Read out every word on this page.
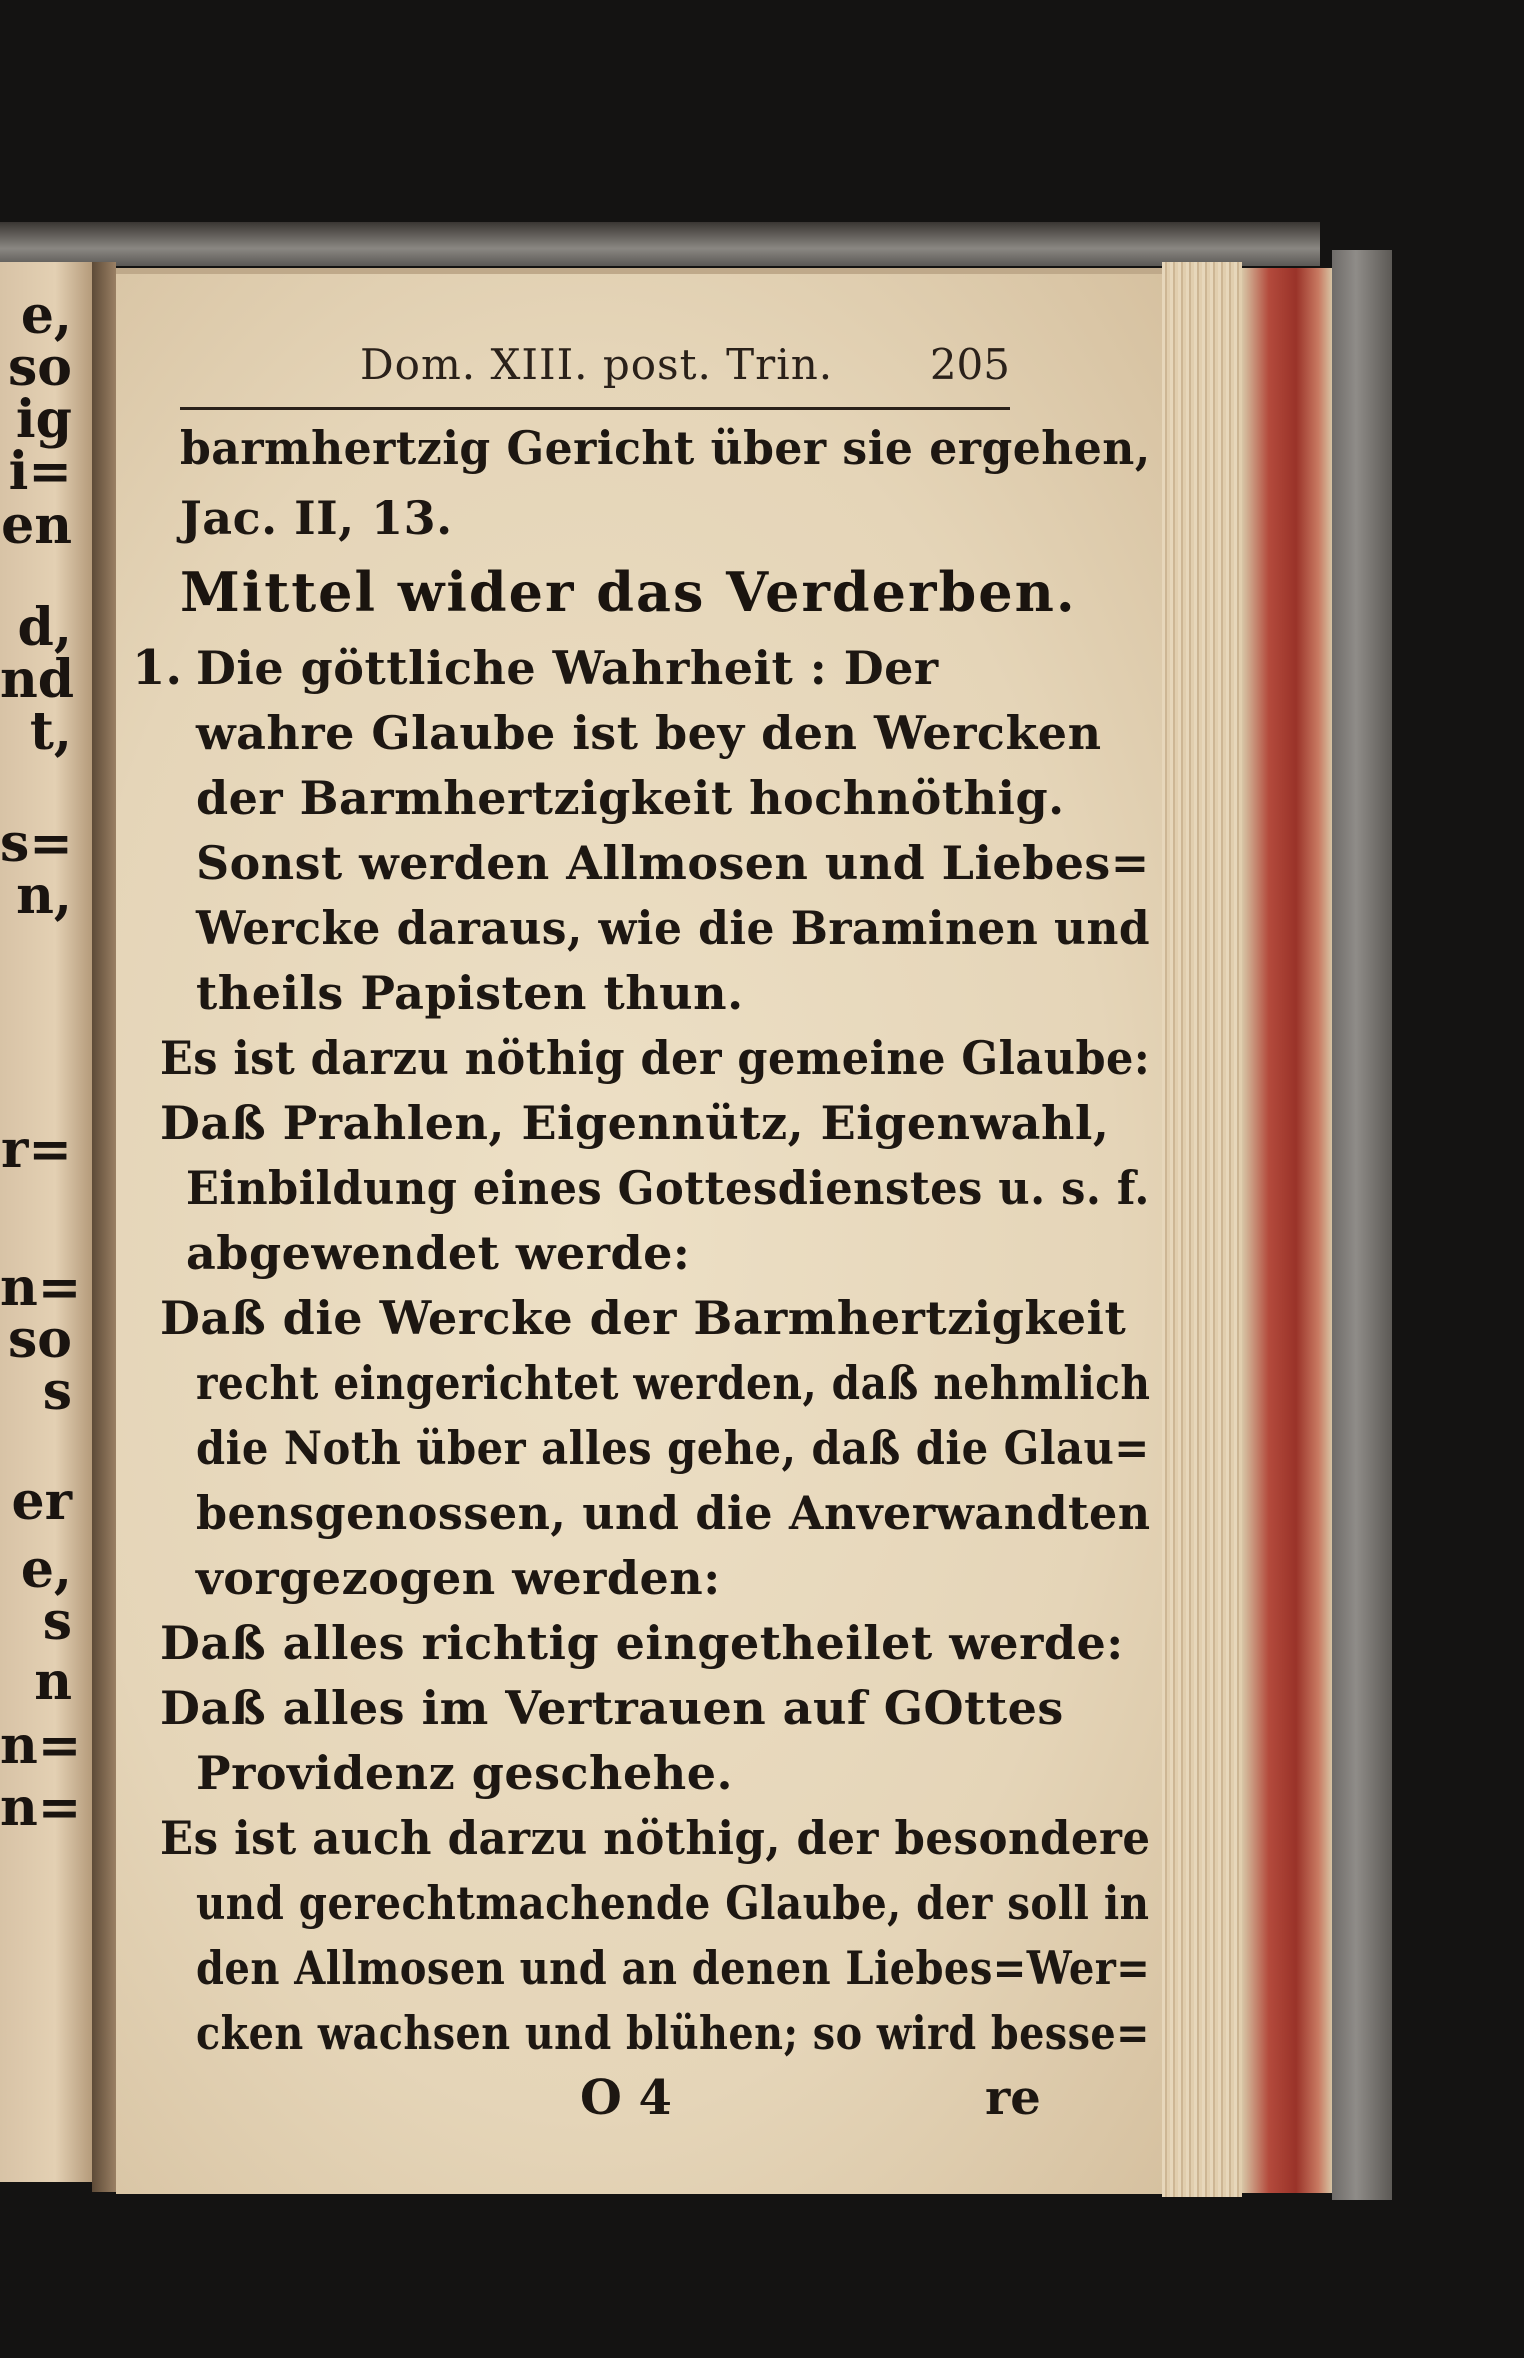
e,

so

ig

i=

en

d,

nd

t,

s=

n,

r=

n=

so

s

er

e,

s

n

n=

n=

Dom. XIII. post. Trin. 205

barmhertzig Gericht über sie ergehen,

Jac. II, 13.

Mittel wider das Verderben.

1. Die göttliche Wahrheit : Der

wahre Glaube ist bey den Wercken

der Barmhertzigkeit hochnöthig.

Sonst werden Allmosen und Liebes=

Wercke daraus, wie die Braminen und

theils Papisten thun.

Es ist darzu nöthig der gemeine Glaube:

Daß Prahlen, Eigennütz, Eigenwahl,

Einbildung eines Gottesdienstes u. s. f.

abgewendet werde:

Daß die Wercke der Barmhertzigkeit

recht eingerichtet werden, daß nehmlich

die Noth über alles gehe, daß die Glau=

bensgenossen, und die Anverwandten

vorgezogen werden:

Daß alles richtig eingetheilet werde:

Daß alles im Vertrauen auf GOttes

Providenz geschehe.

Es ist auch darzu nöthig, der besondere

und gerechtmachende Glaube, der soll in

den Allmosen und an denen Liebes=Wer=

cken wachsen und blühen; so wird besse=

O 4	re
